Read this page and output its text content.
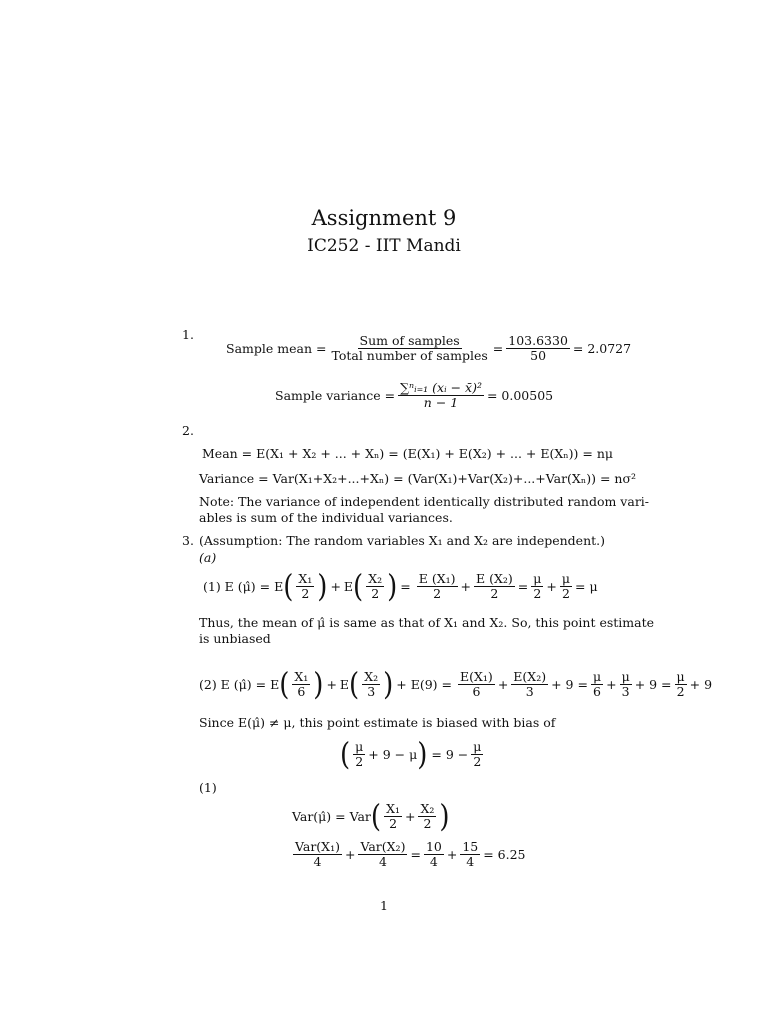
Assignment 9
IC252 - IIT Mandi
1.
Sample mean = $\frac{\text{Sum of samples}}{\text{Total number of samples}} = \frac{103.6330}{50} = 2.0727$
Sample variance = $\frac{\text{∑ⁿᵢ₌₁ (xᵢ − x̄)²}}{n - 1} = 0.00505$
2.
Mean = E(X₁ + X₂ + ... + Xₙ) = (E(X₁) + E(X₂) + ... + E(Xₙ)) = nμ
Variance = Var(X₁+X₂+...+Xₙ) = (Var(X₁)+Var(X₂)+...+Var(Xₙ)) = nσ²
Note: The variance of independent identically distributed random vari-
ables is sum of the individual variances.
3. (Assumption: The random variables X₁ and X₂ are independent.)
(a)
(1) E (μ̂) = E ( $\frac{\text{X₁}}{2}$ ) + E ( $\frac{\text{X₂}}{2}$ ) = $\frac{\text{E (X₁)}}{2} + \frac{\text{E (X₂)}}{2} = \frac{\mu}{2} + \frac{\mu}{2} = \mu$
Thus, the mean of μ̂ is same as that of X₁ and X₂. So, this point estimate
is unbiased
(2) E (μ̂) = E ( $\frac{\text{X₁}}{6}$ ) + E ( $\frac{\text{X₂}}{3}$ ) + $E(9) = \frac{\text{E(X₁)}}{6} + \frac{\text{E(X₂)}}{3} + 9 = \frac{\mu}{6} + \frac{\mu}{3} + 9 = \frac{\mu}{2} + 9$
Since E(μ̂) ≠ μ, this point estimate is biased with bias of
( $\frac{\mu}{2} + 9 - \mu$ ) = $9 - \frac{\mu}{2}$
(1)
Var(μ̂) = Var ( $\frac{\text{X₁}}{2} + \frac{\text{X₂}}{2}$ )
$\frac{\text{Var(X₁)}}{4} + \frac{\text{Var(X₂)}}{4} = \frac{10}{4} + \frac{15}{4} = 6.25$
1
